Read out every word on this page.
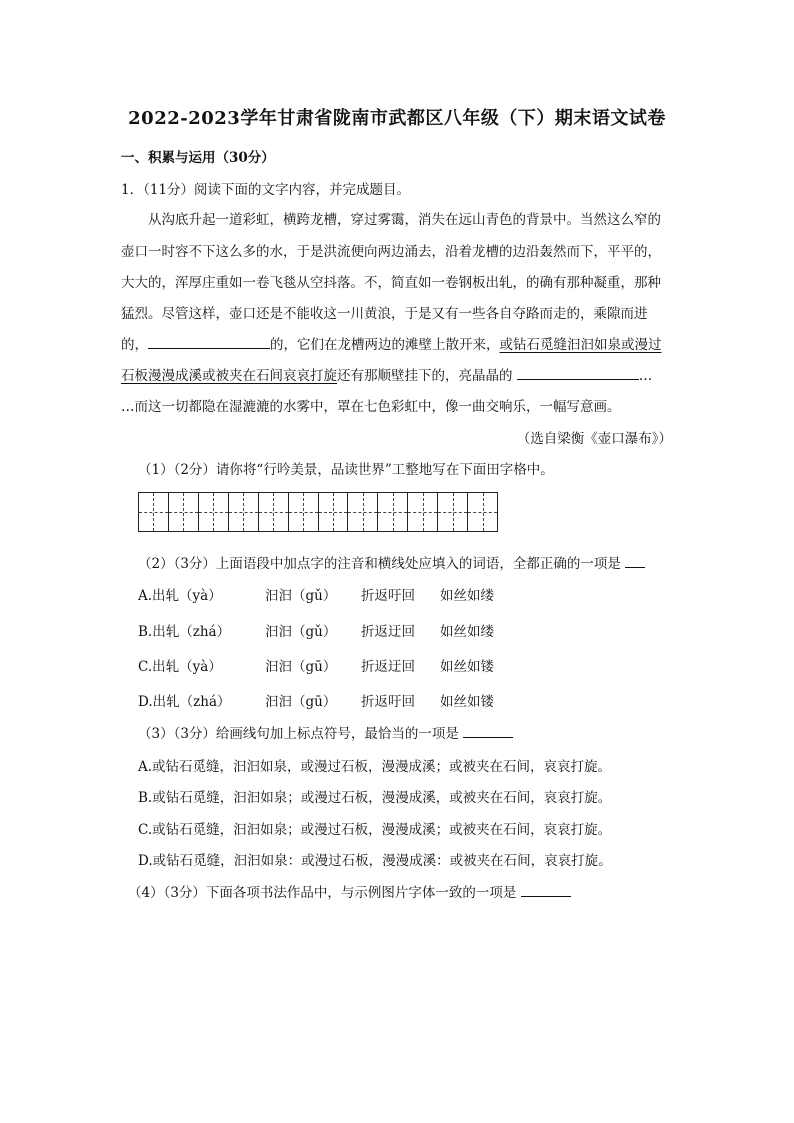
2022-2023学年甘肃省陇南市武都区八年级（下）期末语文试卷
一、积累与运用（30分）
1．（11分）阅读下面的文字内容，并完成题目。
从沟底升起一道彩虹，横跨龙槽，穿过雾霭，消失在远山青色的背景中。当然这么窄的
壶口一时容不下这么多的水，于是洪流便向两边涌去，沿着龙槽的边沿轰然而下，平平的，
大大的，浑厚庄重如一卷飞毯从空抖落。不，简直如一卷钢板出轧，的确有那种凝重，那种
猛烈。尽管这样，壶口还是不能收这一川黄浪，于是又有一些各自夺路而走的，乘隙而进
的，	的，它们在龙槽两边的滩壁上散开来，或钻石觅缝汩汩如泉或漫过
石板漫漫成溪或被夹在石间哀哀打旋还有那顺壁挂下的，亮晶晶的	…
…而这一切都隐在湿漉漉的水雾中，罩在七色彩虹中，像一曲交响乐，一幅写意画。
（选自梁衡《壶口瀑布》）
（1）（2分）请你将“行吟美景，品读世界”工整地写在下面田字格中。
（2）（3分）上面语段中加点字的注音和横线处应填入的词语，全都正确的一项是
A.出轧（yà）	汩汩（gǔ） 折返吁回 如丝如缕
B.出轧（zhá）	汩汩（gǔ） 折返迂回 如丝如缕
C.出轧（yà）	汩汩（gū） 折返迂回 如丝如镂
D.出轧（zhá）	汩汩（gū） 折返吁回 如丝如镂
（3）（3分）给画线句加上标点符号，最恰当的一项是
A.或钻石觅缝，汩汩如泉，或漫过石板，漫漫成溪；或被夹在石间，哀哀打旋。
B.或钻石觅缝，汩汩如泉；或漫过石板，漫漫成溪，或被夹在石间，哀哀打旋。
C.或钻石觅缝，汩汩如泉；或漫过石板，漫漫成溪；或被夹在石间，哀哀打旋。
D.或钻石觅缝，汩汩如泉：或漫过石板，漫漫成溪：或被夹在石间，哀哀打旋。
（4）（3分）下面各项书法作品中，与示例图片字体一致的一项是
